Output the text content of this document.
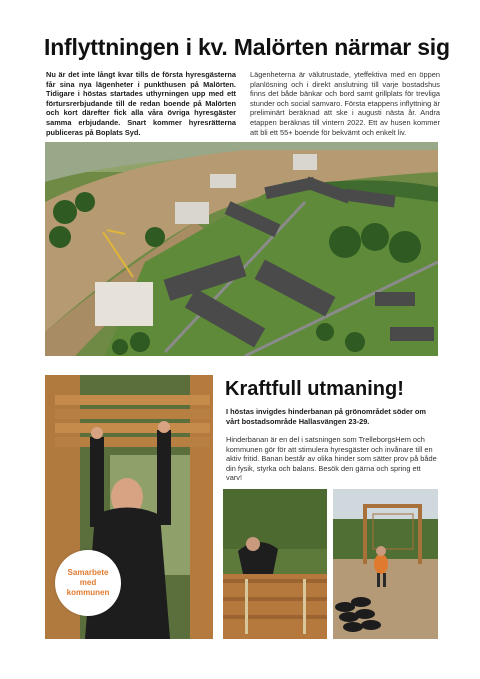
Inflyttningen i kv. Malörten närmar sig
Nu är det inte långt kvar tills de första hyresgästerna får sina nya lägenheter i punkthusen på Malörten. Tidigare i höstas startades uthyrningen upp med ett förtursrerbjudande till de redan boende på Malörten och kort därefter fick alla våra övriga hyresgäster samma erbjudande. Snart kommer hyresrätterna publiceras på Boplats Syd.
Lägenheterna är välutrustade, yteffektiva med en öppen planlösning och i direkt anslutning till varje bostadshus finns det både bänkar och bord samt grillplats för trevliga stunder och social samvaro. Första etappens inflyttning är preliminärt beräknad att ske i augusti nästa år. Andra etappen beräknas till vintern 2022. Ett av husen kommer att bli ett 55+ boende för bekvämt och enkelt liv.
Samarbete med kommunen
Kraftfull utmaning!
I höstas invigdes hinderbanan på grönområdet söder om vårt bostadsområde Hallasvängen 23-29.
Hinderbanan är en del i satsningen som TrelleborgsHem och kommunen gör för att stimulera hyresgäster och invånare till en aktiv fritid. Banan består av olika hinder som sätter prov på både din fysik, styrka och balans. Besök den gärna och spring ett varv!
